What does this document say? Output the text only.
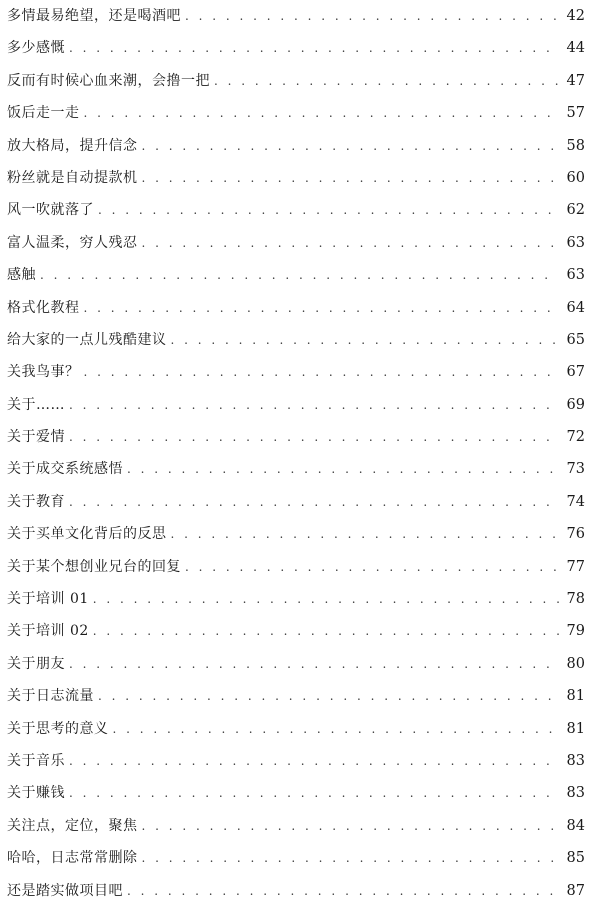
多情最易绝望，还是喝酒吧 . . .	42
多少感慨 . . .	44
反而有时候心血来潮，会撸一把 . . .	47
饭后走一走 . . .	57
放大格局，提升信念 . . .	58
粉丝就是自动提款机 . . .	60
风一吹就落了 . . .	62
富人温柔，穷人残忍 . . .	63
感触 . . .	63
格式化教程 . . .	64
给大家的一点儿残酷建议 . . .	65
关我鸟事？ . . .	67
关于…… . . .	69
关于爱情 . . .	72
关于成交系统感悟 . . .	73
关于教育 . . .	74
关于买单文化背后的反思 . . .	76
关于某个想创业兄台的回复 . . .	77
关于培训 01 . . .	78
关于培训 02 . . .	79
关于朋友 . . .	80
关于日志流量 . . .	81
关于思考的意义 . . .	81
关于音乐 . . .	83
关于赚钱 . . .	83
关注点，定位，聚焦 . . .	84
哈哈，日志常常删除 . . .	85
还是踏实做项目吧 . . .	87
